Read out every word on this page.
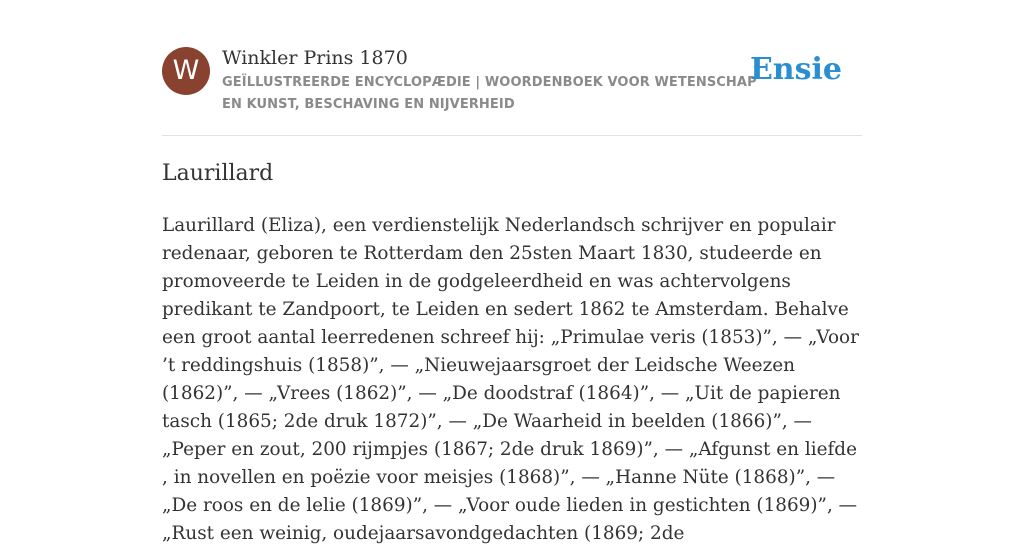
W	Winkler Prins 1870
GEÏLLUSTREERDE ENCYCLOPÆDIE | WOORDENBOEK VOOR WETENSCHAP EN KUNST, BESCHAVING EN NIJVERHEID
Ensie
Laurillard

Laurillard (Eliza), een verdienstelijk Nederlandsch schrijver en populair redenaar, geboren te Rotterdam den 25sten Maart 1830, studeerde en promoveerde te Leiden in de godgeleerdheid en was achtervolgens predikant te Zandpoort, te Leiden en sedert 1862 te Amsterdam. Behalve een groot aantal leerredenen schreef hij: „Primulae veris (1853)”, — „Voor ’t reddingshuis (1858)”, — „Nieuwejaarsgroet der Leidsche Weezen (1862)”, — „Vrees (1862)”, — „De doodstraf (1864)”, — „Uit de papieren tasch (1865; 2de druk 1872)”, — „De Waarheid in beelden (1866)”, — „Peper en zout, 200 rijmpjes (1867; 2de druk 1869)”, — „Afgunst en liefde , in novellen en poëzie voor meisjes (1868)”, — „Hanne Nüte (1868)”, — „De roos en de lelie (1869)”, — „Voor oude lieden in gestichten (1869)”, — „Rust een weinig, oudejaarsavondgedachten (1869; 2de
